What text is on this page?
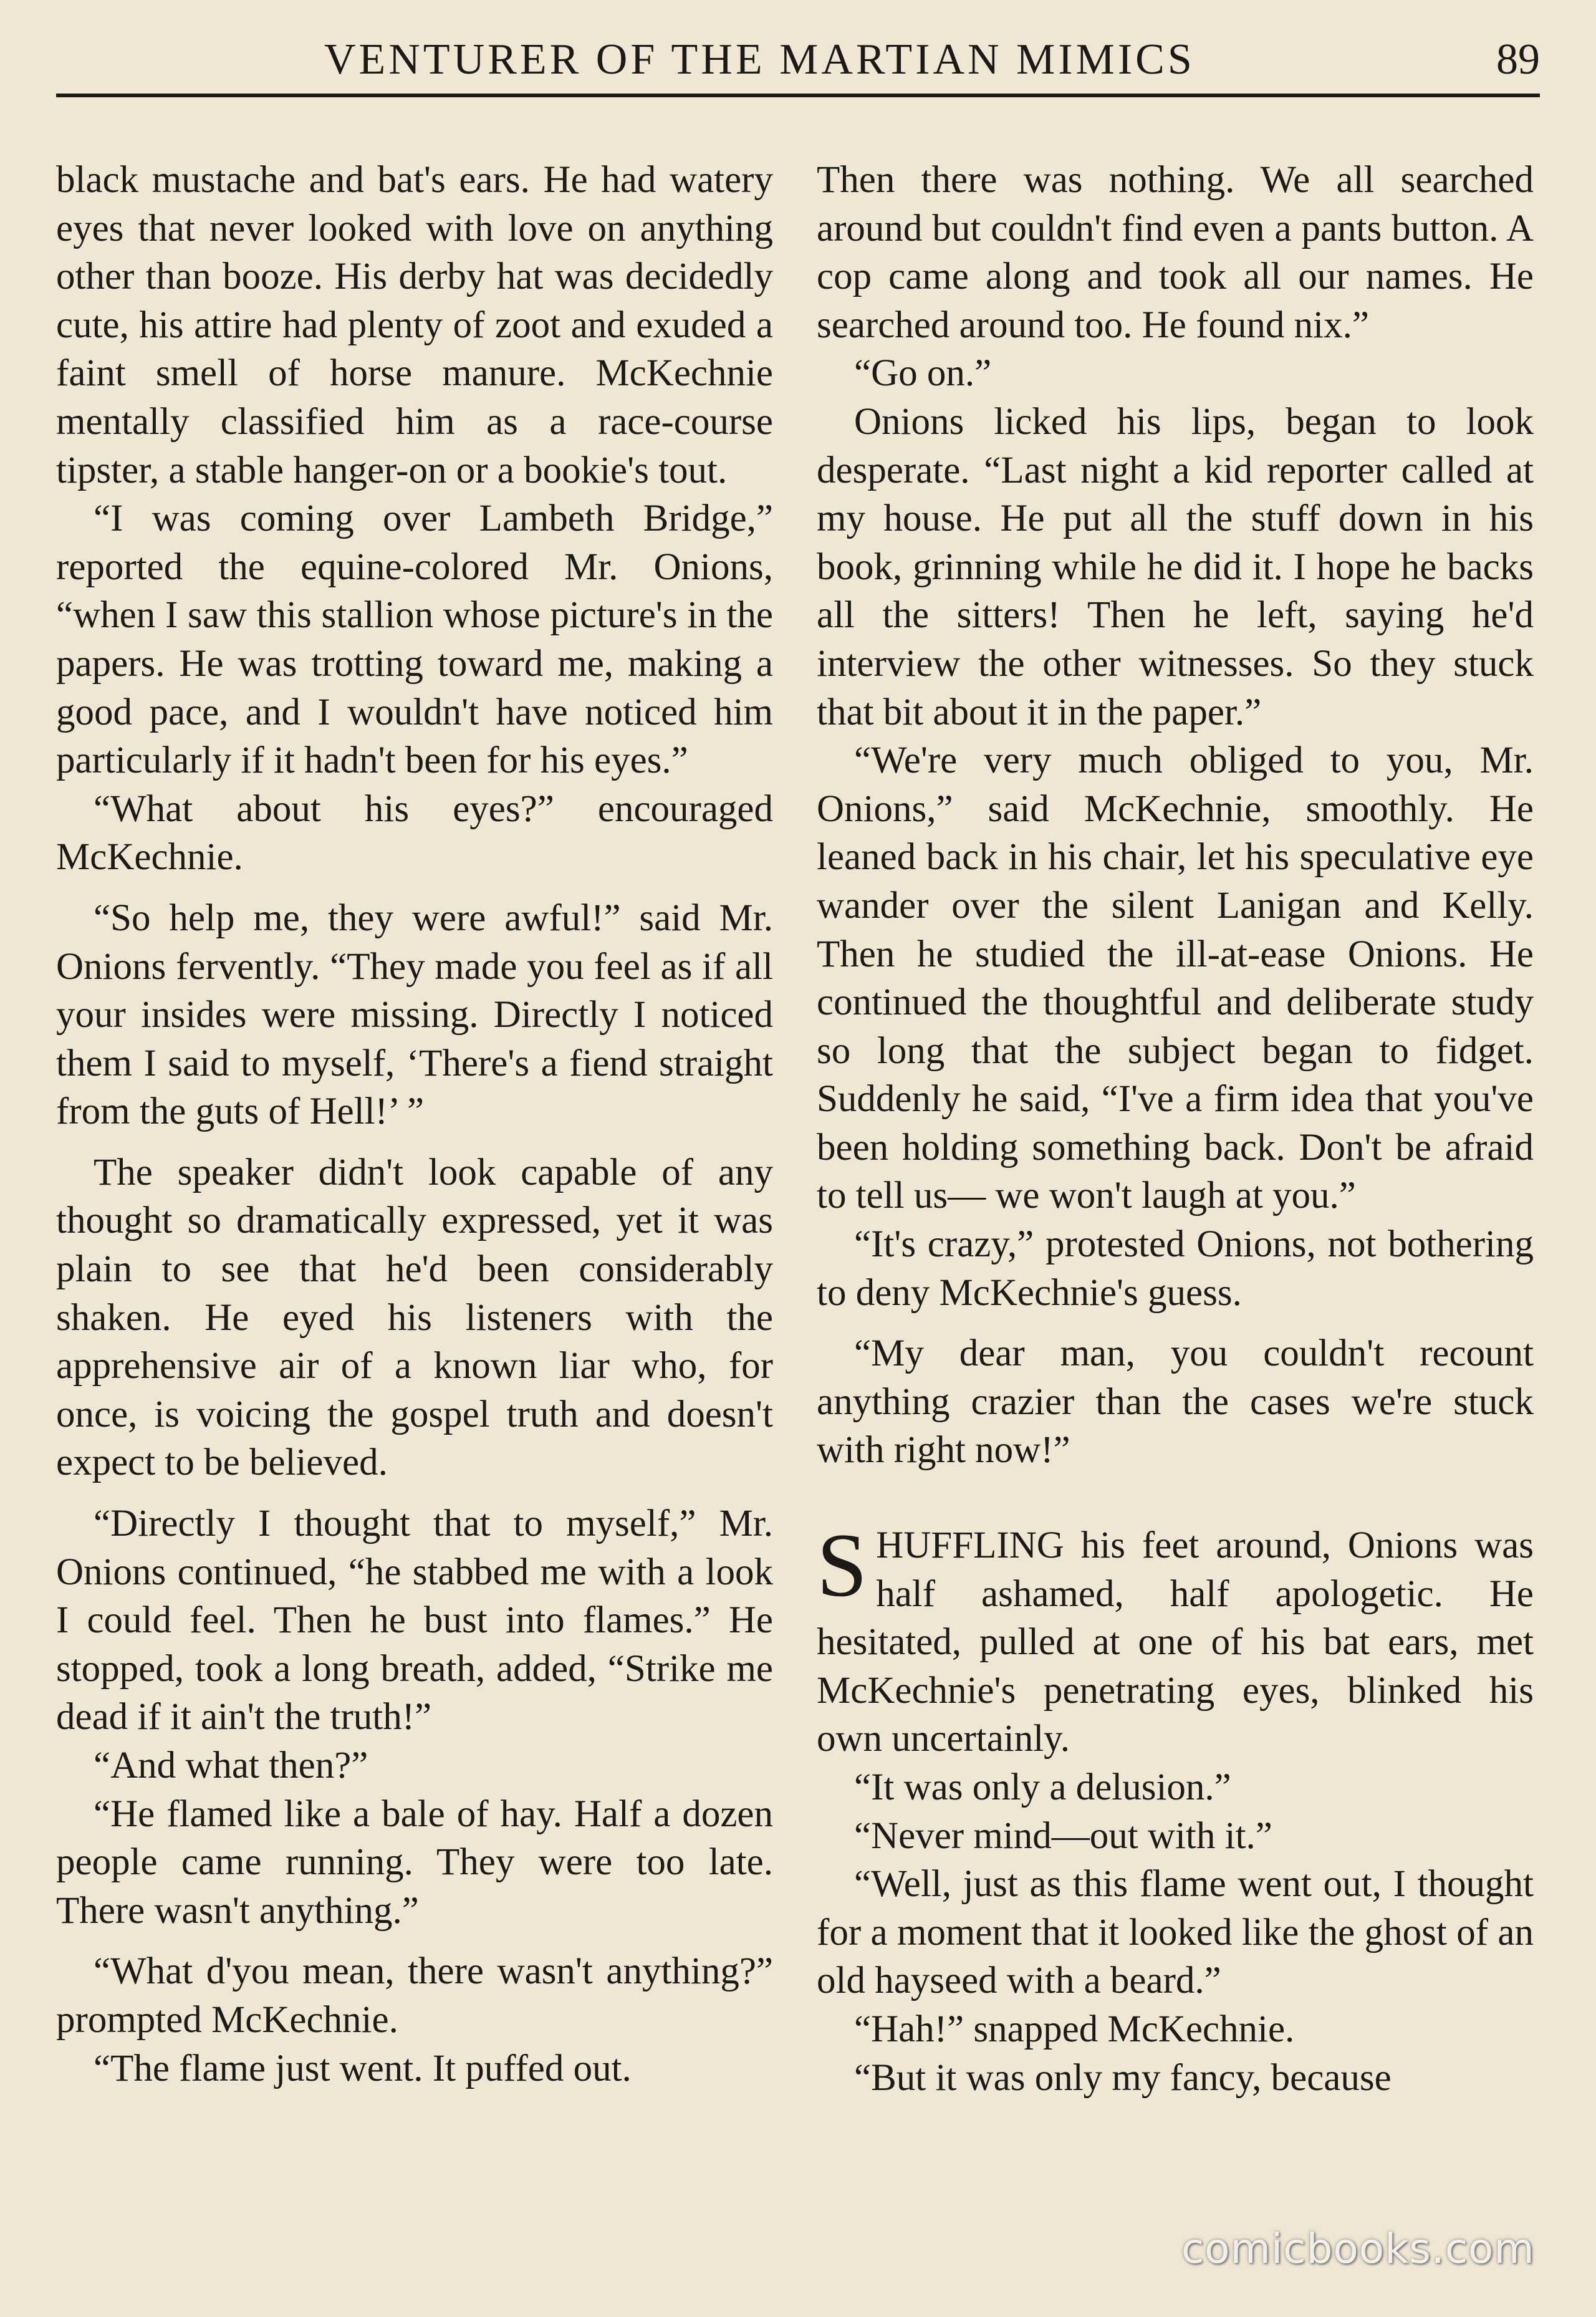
VENTURER OF THE MARTIAN MIMICS	89

black mustache and bat's ears. He had watery eyes that never looked with love on anything other than booze. His derby hat was decidedly cute, his attire had plenty of zoot and exuded a faint smell of horse manure. McKechnie mentally classified him as a race-course tipster, a stable hanger-on or a bookie's tout.

“I was coming over Lambeth Bridge,” reported the equine-colored Mr. Onions, “when I saw this stallion whose picture's in the papers. He was trotting toward me, making a good pace, and I wouldn't have noticed him particularly if it hadn't been for his eyes.”

“What about his eyes?” encouraged McKechnie.

“So help me, they were awful!” said Mr. Onions fervently. “They made you feel as if all your insides were missing. Directly I noticed them I said to myself, ‘There's a fiend straight from the guts of Hell!’ ”

The speaker didn't look capable of any thought so dramatically expressed, yet it was plain to see that he'd been considerably shaken. He eyed his listeners with the apprehensive air of a known liar who, for once, is voicing the gospel truth and doesn't expect to be believed.

“Directly I thought that to myself,” Mr. Onions continued, “he stabbed me with a look I could feel. Then he bust into flames.” He stopped, took a long breath, added, “Strike me dead if it ain't the truth!”

“And what then?”

“He flamed like a bale of hay. Half a dozen people came running. They were too late. There wasn't anything.”

“What d'you mean, there wasn't anything?” prompted McKechnie.

“The flame just went. It puffed out.

Then there was nothing. We all searched around but couldn't find even a pants button. A cop came along and took all our names. He searched around too. He found nix.”

“Go on.”

Onions licked his lips, began to look desperate. “Last night a kid reporter called at my house. He put all the stuff down in his book, grinning while he did it. I hope he backs all the sitters! Then he left, saying he'd interview the other witnesses. So they stuck that bit about it in the paper.”

“We're very much obliged to you, Mr. Onions,” said McKechnie, smoothly. He leaned back in his chair, let his speculative eye wander over the silent Lanigan and Kelly. Then he studied the ill-at-ease Onions. He continued the thoughtful and deliberate study so long that the subject began to fidget. Suddenly he said, “I've a firm idea that you've been holding something back. Don't be afraid to tell us— we won't laugh at you.”

“It's crazy,” protested Onions, not bothering to deny McKechnie's guess.

“My dear man, you couldn't recount anything crazier than the cases we're stuck with right now!”

SHUFFLING his feet around, Onions was half ashamed, half apologetic. He hesitated, pulled at one of his bat ears, met McKechnie's penetrating eyes, blinked his own uncertainly.

“It was only a delusion.”

“Never mind—out with it.”

“Well, just as this flame went out, I thought for a moment that it looked like the ghost of an old hayseed with a beard.”

“Hah!” snapped McKechnie.

“But it was only my fancy, because

comicbooks.com
